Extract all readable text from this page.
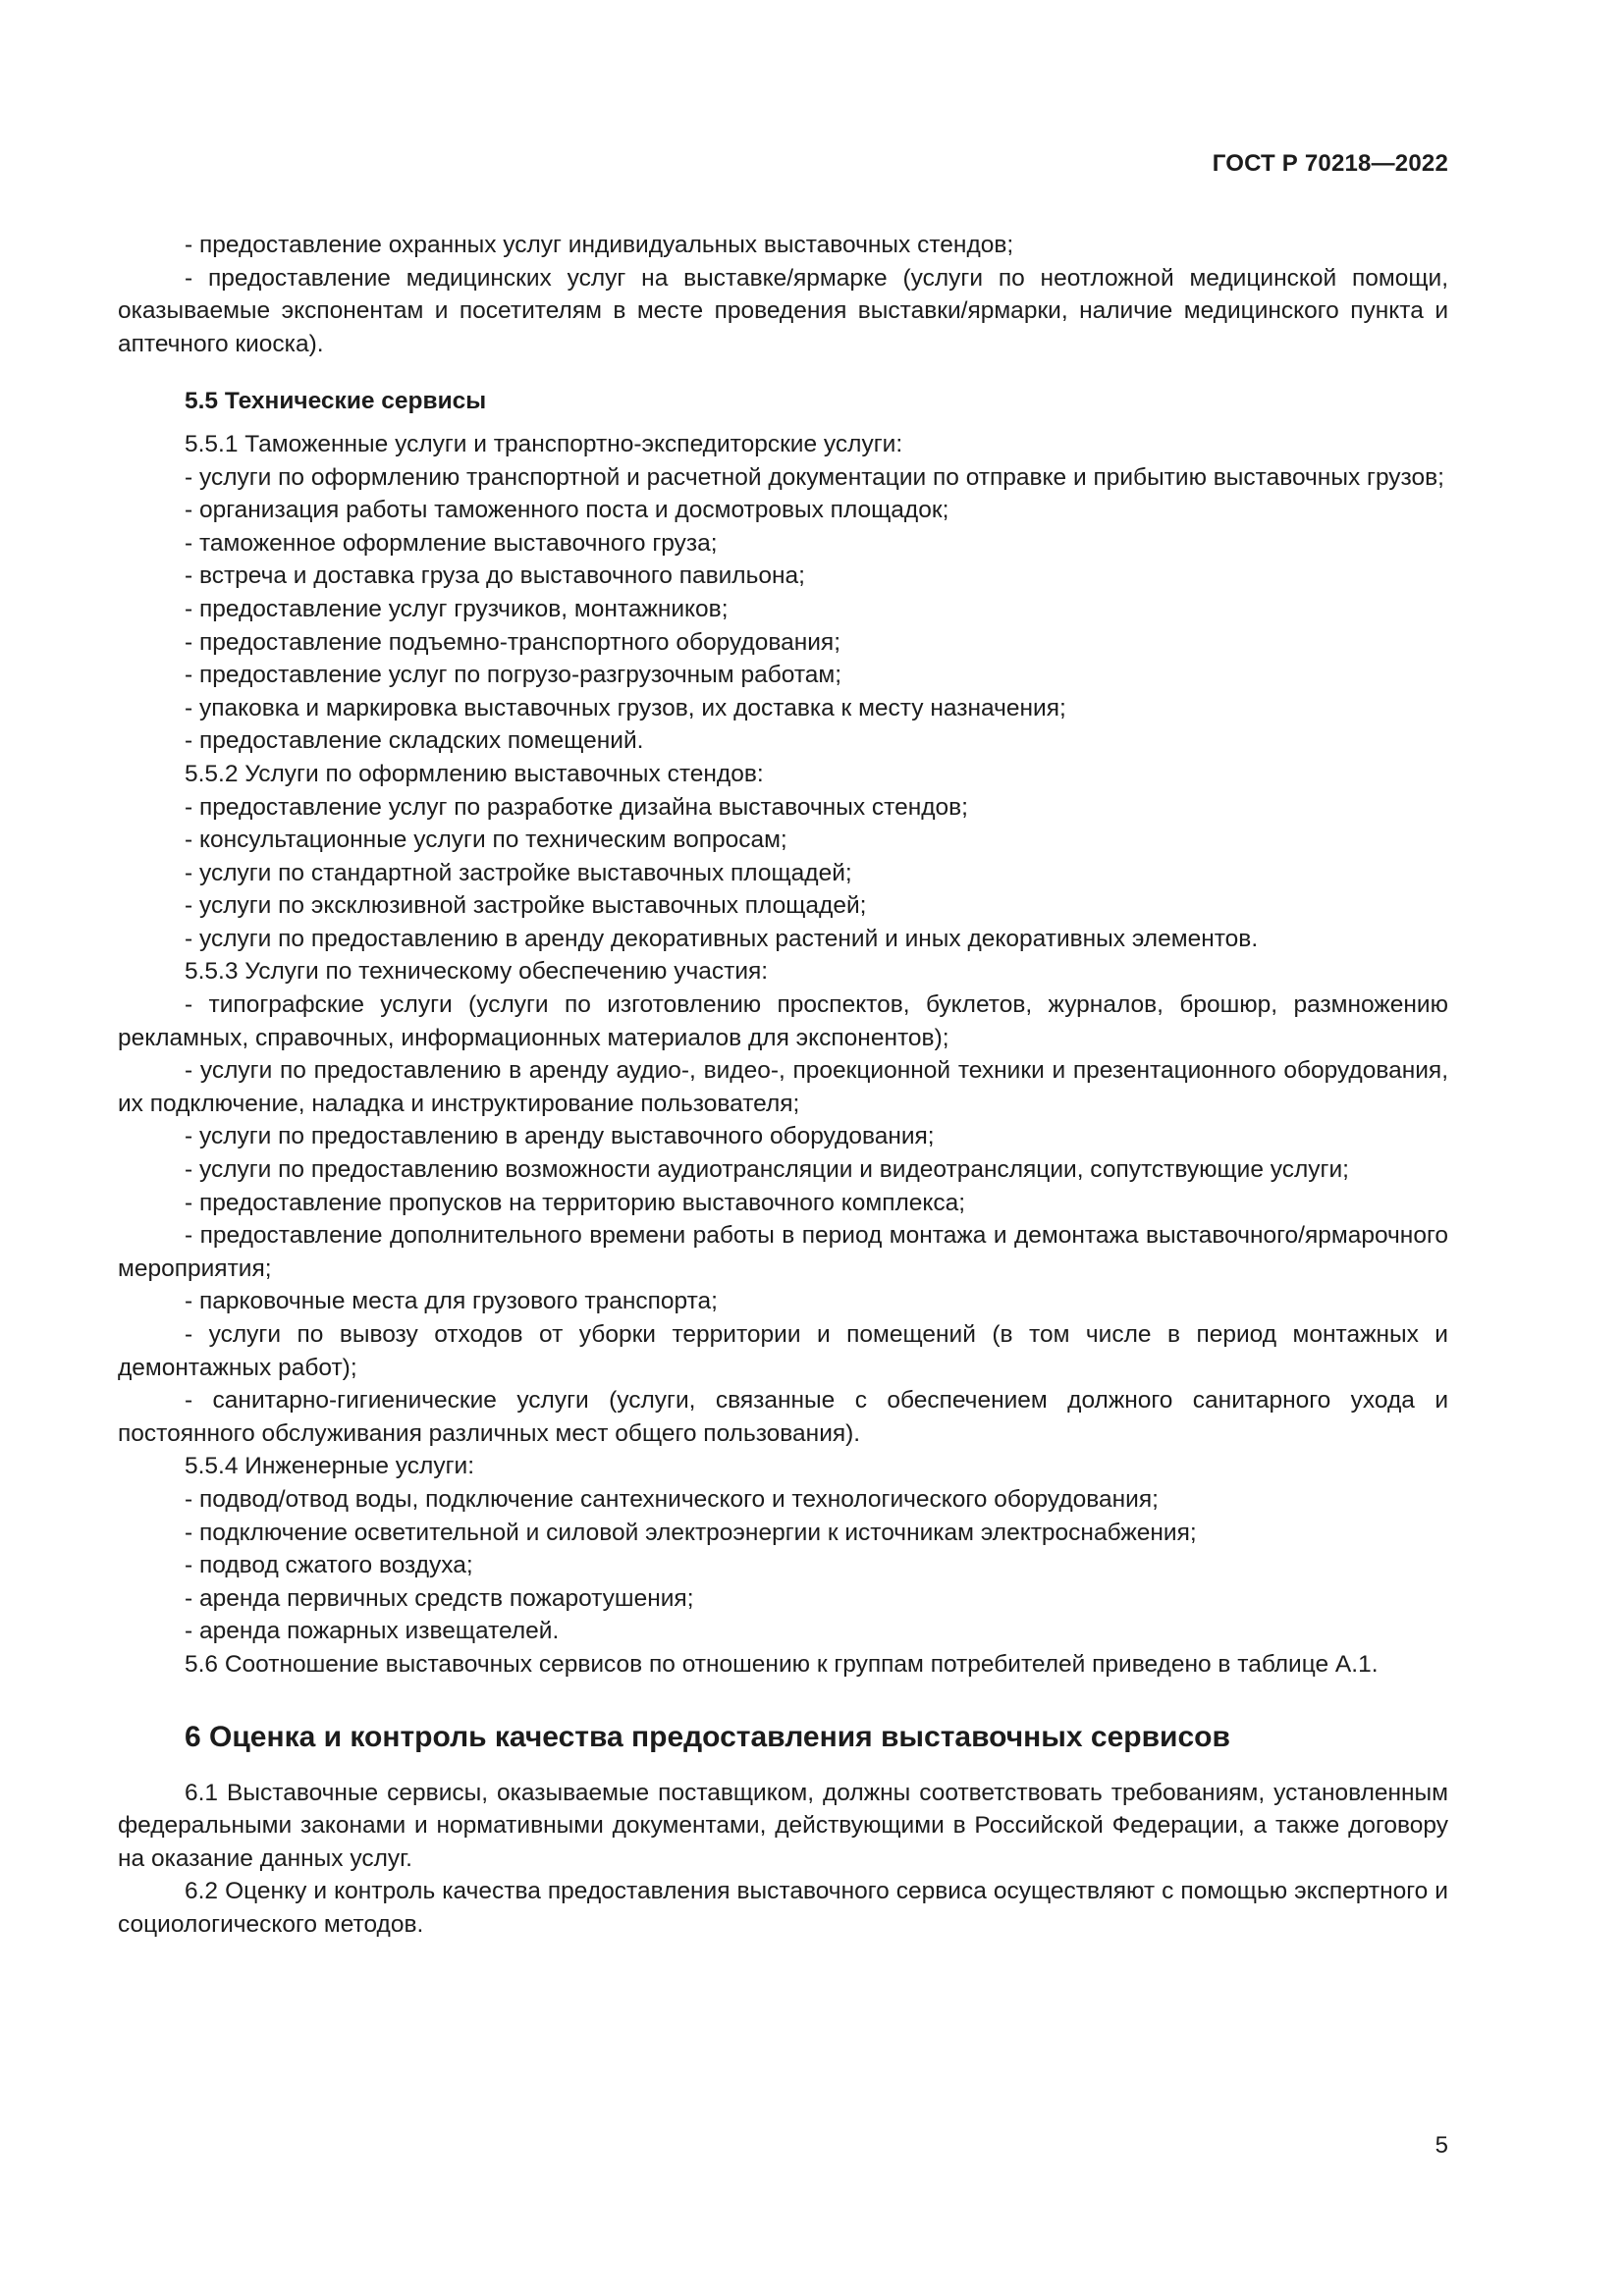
ГОСТ Р 70218—2022

- предоставление охранных услуг индивидуальных выставочных стендов;

- предоставление медицинских услуг на выставке/ярмарке (услуги по неотложной медицинской помощи, оказываемые экспонентам и посетителям в месте проведения выставки/ярмарки, наличие медицинского пункта и аптечного киоска).

5.5 Технические сервисы

5.5.1 Таможенные услуги и транспортно-экспедиторские услуги:

- услуги по оформлению транспортной и расчетной документации по отправке и прибытию выставочных грузов;

- организация работы таможенного поста и досмотровых площадок;

- таможенное оформление выставочного груза;

- встреча и доставка груза до выставочного павильона;

- предоставление услуг грузчиков, монтажников;

- предоставление подъемно-транспортного оборудования;

- предоставление услуг по погрузо-разгрузочным работам;

- упаковка и маркировка выставочных грузов, их доставка к месту назначения;

- предоставление складских помещений.

5.5.2 Услуги по оформлению выставочных стендов:

- предоставление услуг по разработке дизайна выставочных стендов;

- консультационные услуги по техническим вопросам;

- услуги по стандартной застройке выставочных площадей;

- услуги по эксклюзивной застройке выставочных площадей;

- услуги по предоставлению в аренду декоративных растений и иных декоративных элементов.

5.5.3 Услуги по техническому обеспечению участия:

- типографские услуги (услуги по изготовлению проспектов, буклетов, журналов, брошюр, размножению рекламных, справочных, информационных материалов для экспонентов);

- услуги по предоставлению в аренду аудио-, видео-, проекционной техники и презентационного оборудования, их подключение, наладка и инструктирование пользователя;

- услуги по предоставлению в аренду выставочного оборудования;

- услуги по предоставлению возможности аудиотрансляции и видеотрансляции, сопутствующие услуги;

- предоставление пропусков на территорию выставочного комплекса;

- предоставление дополнительного времени работы в период монтажа и демонтажа выставочного/ярмарочного мероприятия;

- парковочные места для грузового транспорта;

- услуги по вывозу отходов от уборки территории и помещений (в том числе в период монтажных и демонтажных работ);

- санитарно-гигиенические услуги (услуги, связанные с обеспечением должного санитарного ухода и постоянного обслуживания различных мест общего пользования).

5.5.4 Инженерные услуги:

- подвод/отвод воды, подключение сантехнического и технологического оборудования;

- подключение осветительной и силовой электроэнергии к источникам электроснабжения;

- подвод сжатого воздуха;

- аренда первичных средств пожаротушения;

- аренда пожарных извещателей.

5.6 Соотношение выставочных сервисов по отношению к группам потребителей приведено в таблице А.1.

6 Оценка и контроль качества предоставления выставочных сервисов

6.1 Выставочные сервисы, оказываемые поставщиком, должны соответствовать требованиям, установленным федеральными законами и нормативными документами, действующими в Российской Федерации, а также договору на оказание данных услуг.

6.2 Оценку и контроль качества предоставления выставочного сервиса осуществляют с помощью экспертного и социологического методов.

5
